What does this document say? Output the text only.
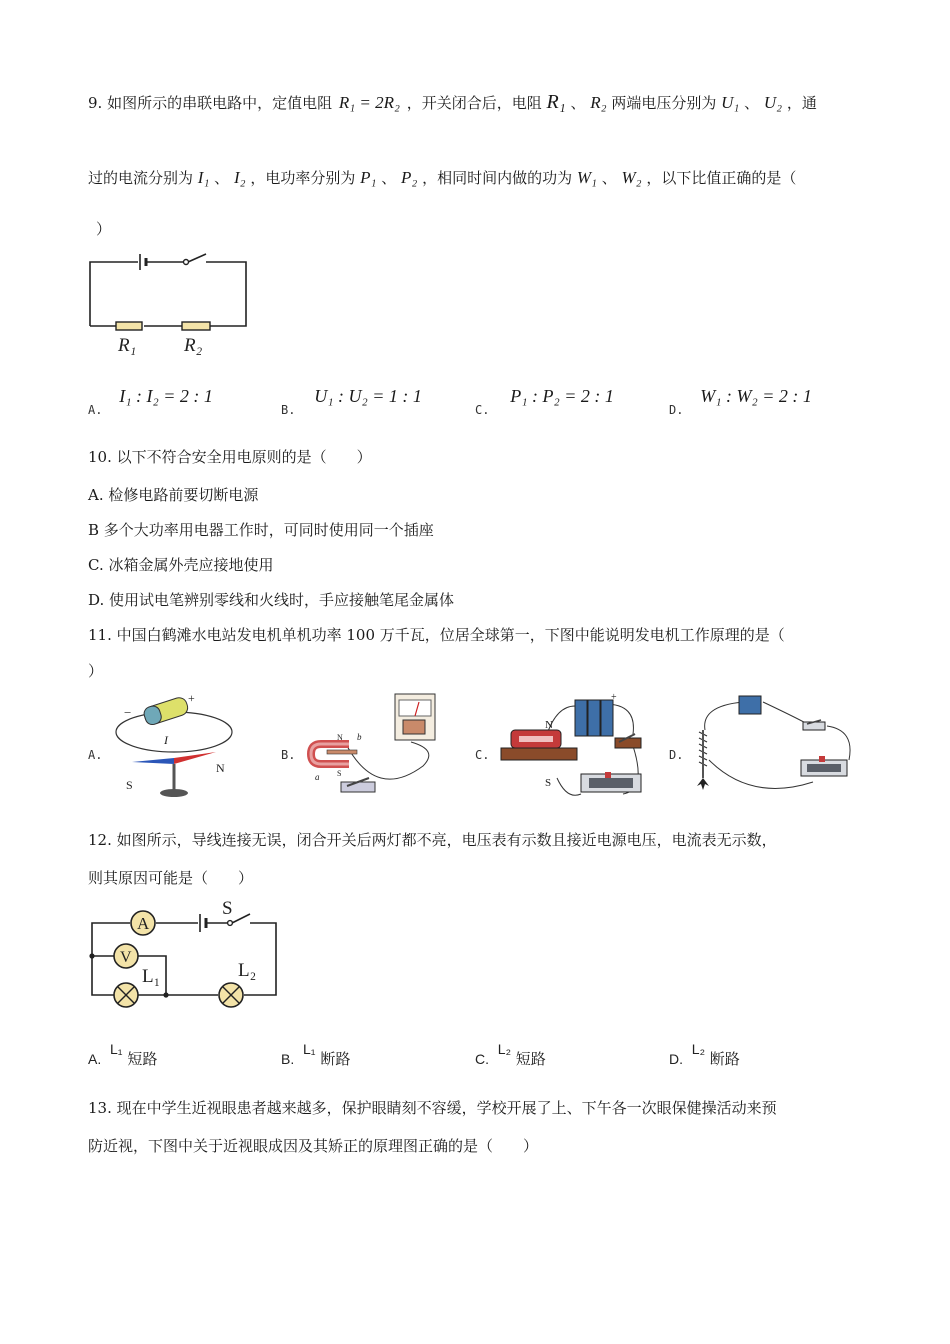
9. 如图所示的串联电路中，定值电阻 R₁ = 2R₂ ，开关闭合后，电阻 R₁ 、 R₂ 两端电压分别为 U₁ 、 U₂ ，通
过的电流分别为 I₁ 、 I₂ ，电功率分别为 P₁ 、 P₂ ，相同时间内做的功为 W₁ 、 W₂ ，以下比值正确的是（
）
R₁	R₂
$_{A.}$ I₁ : I₂ = 2 : 1
$_{B.}$ U₁ : U₂ = 1 : 1
$_{C.}$ P₁ : P₂ = 2 : 1
$_{D.}$ W₁ : W₂ = 2 : 1
10. 以下不符合安全用电原则的是（　　）
A. 检修电路前要切断电源
B 多个大功率用电器工作时，可同时使用同一个插座
C. 冰箱金属外壳应接地使用
D. 使用试电笔辨别零线和火线时，手应接触笔尾金属体
11. 中国白鹤滩水电站发电机单机功率 100 万千瓦，位居全球第一，下图中能说明发电机工作原理的是（
）
A.
+
−
I
S
N
B.
N
S
a
b
C.
+
N
S
D.
12. 如图所示，导线连接无误，闭合开关后两灯都不亮，电压表有示数且接近电源电压，电流表无示数，
则其原因可能是（　　）
A
V
S
L₁	L₂
A. L₁ 短路	B. L₁ 断路	C. L₂ 短路	D. L₂ 断路
13. 现在中学生近视眼患者越来越多，保护眼睛刻不容缓，学校开展了上、下午各一次眼保健操活动来预
防近视，下图中关于近视眼成因及其矫正的原理图正确的是（　　）
